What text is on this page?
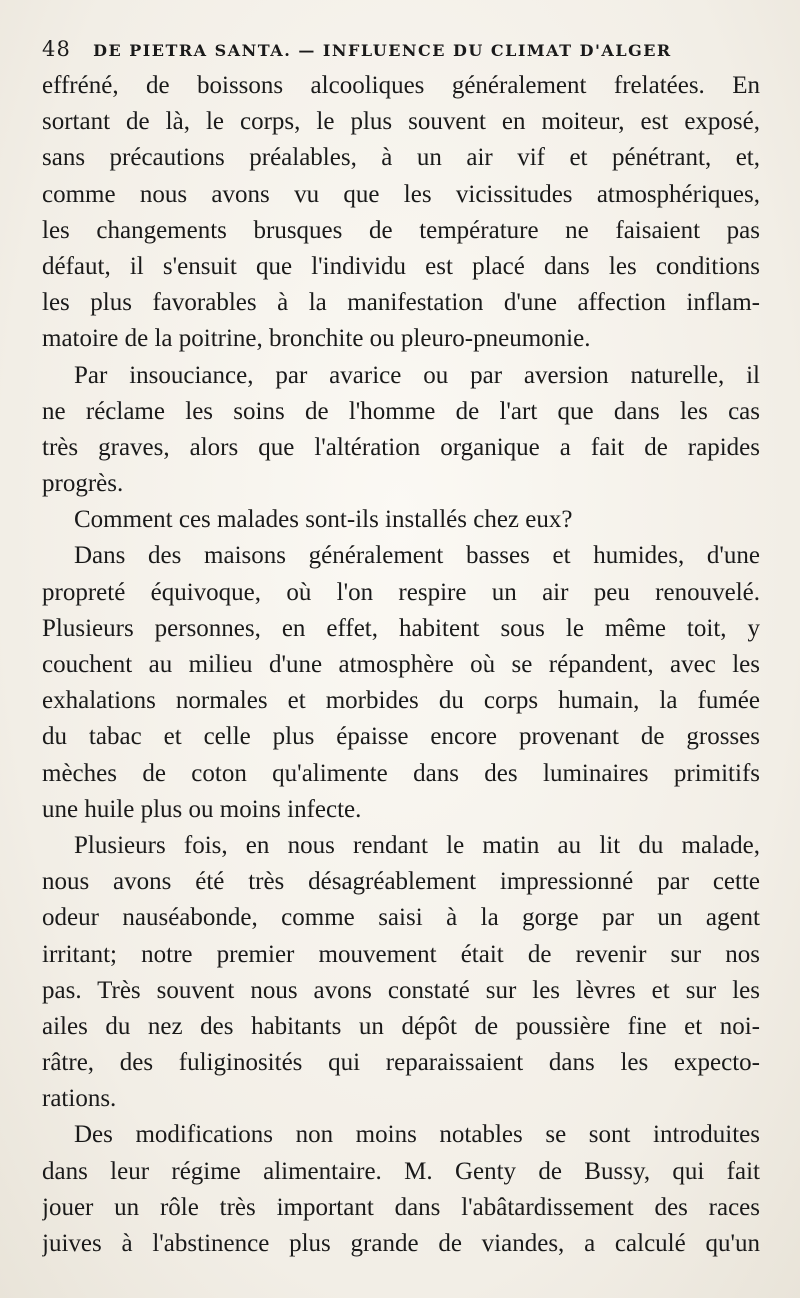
48 DE PIETRA SANTA. — INFLUENCE DU CLIMAT D'ALGER
effréné, de boissons alcooliques généralement frelatées. En
sortant de là, le corps, le plus souvent en moiteur, est exposé,
sans précautions préalables, à un air vif et pénétrant, et,
comme nous avons vu que les vicissitudes atmosphériques,
les changements brusques de température ne faisaient pas
défaut, il s'ensuit que l'individu est placé dans les conditions
les plus favorables à la manifestation d'une affection inflam-
matoire de la poitrine, bronchite ou pleuro-pneumonie.
Par insouciance, par avarice ou par aversion naturelle, il
ne réclame les soins de l'homme de l'art que dans les cas
très graves, alors que l'altération organique a fait de rapides
progrès.
Comment ces malades sont-ils installés chez eux?
Dans des maisons généralement basses et humides, d'une
propreté équivoque, où l'on respire un air peu renouvelé.
Plusieurs personnes, en effet, habitent sous le même toit, y
couchent au milieu d'une atmosphère où se répandent, avec les
exhalations normales et morbides du corps humain, la fumée
du tabac et celle plus épaisse encore provenant de grosses
mèches de coton qu'alimente dans des luminaires primitifs
une huile plus ou moins infecte.
Plusieurs fois, en nous rendant le matin au lit du malade,
nous avons été très désagréablement impressionné par cette
odeur nauséabonde, comme saisi à la gorge par un agent
irritant; notre premier mouvement était de revenir sur nos
pas. Très souvent nous avons constaté sur les lèvres et sur les
ailes du nez des habitants un dépôt de poussière fine et noi-
râtre, des fuliginosités qui reparaissaient dans les expecto-
rations.
Des modifications non moins notables se sont introduites
dans leur régime alimentaire. M. Genty de Bussy, qui fait
jouer un rôle très important dans l'abâtardissement des races
juives à l'abstinence plus grande de viandes, a calculé qu'un
